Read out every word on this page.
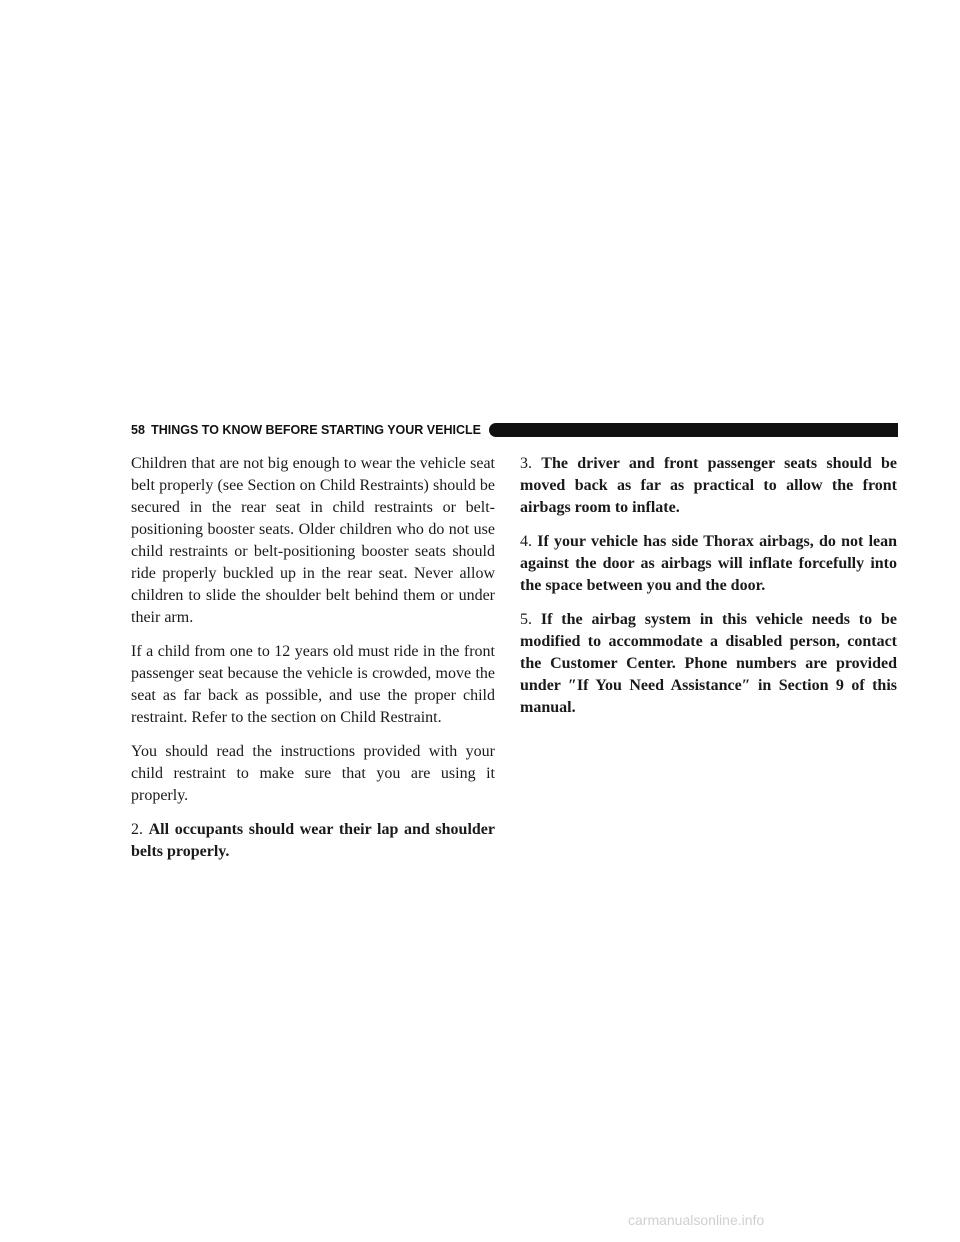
58 THINGS TO KNOW BEFORE STARTING YOUR VEHICLE

Children that are not big enough to wear the vehicle seat belt properly (see Section on Child Restraints) should be secured in the rear seat in child restraints or belt-positioning booster seats. Older children who do not use child restraints or belt-positioning booster seats should ride properly buckled up in the rear seat. Never allow children to slide the shoulder belt behind them or under their arm.

If a child from one to 12 years old must ride in the front passenger seat because the vehicle is crowded, move the seat as far back as possible, and use the proper child restraint. Refer to the section on Child Restraint.

You should read the instructions provided with your child restraint to make sure that you are using it properly.

2. All occupants should wear their lap and shoulder belts properly.

3. The driver and front passenger seats should be moved back as far as practical to allow the front airbags room to inflate.

4. If your vehicle has side Thorax airbags, do not lean against the door as airbags will inflate forcefully into the space between you and the door.

5. If the airbag system in this vehicle needs to be modified to accommodate a disabled person, contact the Customer Center. Phone numbers are provided under ″If You Need Assistance″ in Section 9 of this manual.

carmanualsonline.info
